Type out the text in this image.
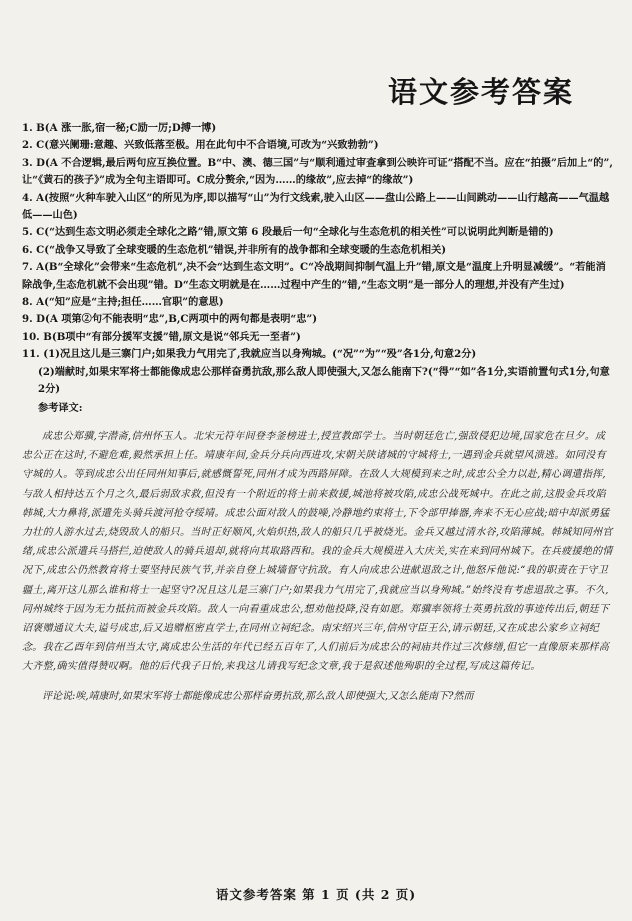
语文参考答案

1. B(A 涨一胀,宿一秘;C励一厉;D搏一博)

2. C(意兴阑珊:意趣、兴致低落至极。用在此句中不合语境,可改为“兴致勃勃”)

3. D(A 不合逻辑,最后两句应互换位置。B“中、澳、德三国”与“顺利通过审查拿到公映许可证”搭配不当。应在“拍摄”后加上“的”,让“《黄石的孩子》”成为全句主语即可。C成分赘余,“因为……的缘故”,应去掉“的缘故”)

4. A(按照“火种车驶入山区”的所见为序,即以描写“山”为行文线索,驶入山区——盘山公路上——山间跳动——山行越高——气温越低——山色)

5. C(“达到生态文明必须走全球化之路”错,原文第 6 段最后一句“全球化与生态危机的相关性”可以说明此判断是错的)

6. C(“战争又导致了全球变暖的生态危机”错误,并非所有的战争都和全球变暖的生态危机相关)

7. A(B“全球化”会带来“生态危机”,决不会“达到生态文明”。C“冷战期间抑制气温上升”错,原文是“温度上升明显减缓”。“若能消除战争,生态危机就不会出现”错。D“生态文明就是在……过程中产生的”错,“生态文明”是一部分人的理想,并没有产生过)

8. A(“知”应是“主持;担任……官职”的意思)

9. D(A 项第②句不能表明“忠”,B,C两项中的两句都是表明“忠”)

10. B(B项中“有部分援军支援”错,原文是说“邻兵无一至者”)

11. (1)况且这儿是三寨门户;如果我力气用完了,我就应当以身殉城。(“况”“为”“殁”各1分,句意2分)

(2)端献时,如果宋军将士都能像成忠公那样奋勇抗敌,那么敌人即使强大,又怎么能南下?(“得”“如”各1分,实语前置句式1分,句意2分)

参考译文:

成忠公郑骥,字潜斋,信州怀玉人。北宋元符年间登李釜榜进士,授宣教郎学士。当时朝廷危亡,强敌侵犯边境,国家危在旦夕。成忠公正在这时,不避危难,毅然承担上任。靖康年间,金兵分兵向西进攻,宋朝关陕诸城的守城将士,一遇到金兵就望风溃逃。如同没有守城的人。等到成忠公出任同州知事后,就感慨誓死,同州才成为西路屏障。在敌人大规模到来之时,成忠公全力以赴,精心调遣指挥,与敌人相持达五个月之久,最后弱敌求救,但没有一个附近的将士前来救援,城池将被攻陷,成忠公战死城中。在此之前,这股金兵攻陷韩城,大力鼻将,派遣先头骑兵渡河抢夺绥靖。成忠公面对敌人的鼓噪,冷静地约束将士,下令部甲捧器,奔来不无心应战;暗中却派勇猛力壮的人游水过去,烧毁敌人的船只。当时正好顺风,火焰炽热,敌人的船只几乎被烧光。金兵又越过清水谷,攻陷薄城。韩城知同州官绪,成忠公派遣兵马搭拦,迫使敌人的骑兵退却,就将向其取路西和。我的金兵大规模进入大庆关,实在来到同州城下。在兵疲援绝的情况下,成忠公仍然教育将士要坚持民族气节,并亲自登上城墙督守抗敌。有人向成忠公进献退敌之计,他怒斥他说:“我的职责在于守卫疆土,离开这儿那么谁和将士一起坚守?况且这儿是三寨门户;如果我力气用完了,我就应当以身殉城。”始终没有考虑退敌之事。不久,同州城终于因为无力抵抗而被金兵攻陷。敌人一向看重成忠公,想劝他投降,没有如愿。郑骥率领将士英勇抗敌的事迹传出后,朝廷下诏褒赠通议大夫,谥号成忠,后又追赠枢密直学士,在同州立祠纪念。南宋绍兴三年,信州守臣王公,请示朝廷,又在成忠公家乡立祠纪念。我在乙酉年到信州当太守,离成忠公生活的年代已经五百年了,人们前后为成忠公的祠庙共作过三次修缮,但它一直像原来那样高大齐整,确实值得赞叹啊。他的后代我子日怡,来我这儿请我写纪念文章,我于是叙述他殉职的全过程,写成这篇传记。

评论说:唉,靖康时,如果宋军将士都能像成忠公那样奋勇抗敌,那么敌人即使强大,又怎么能南下?然而

语文参考答案 第 1 页 (共 2 页)
